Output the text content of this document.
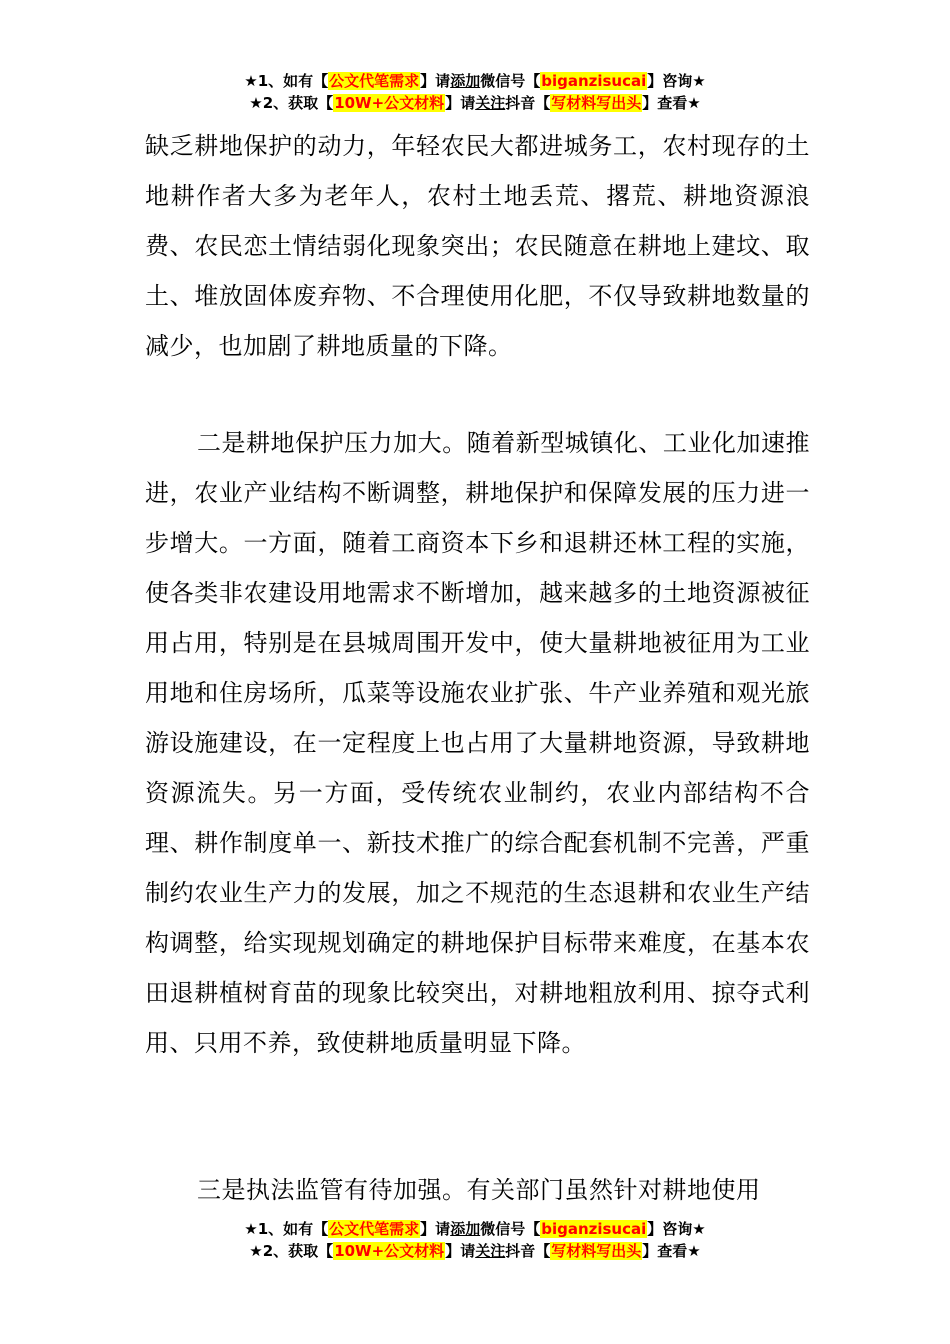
★1、如有【公文代笔需求】请添加微信号【biganzisucai】咨询★
★2、获取【10W+公文材料】请关注抖音【写材料写出头】查看★

缺乏耕地保护的动力，年轻农民大都进城务工，农村现存的土地耕作者大多为老年人，农村土地丢荒、撂荒、耕地资源浪费、农民恋土情结弱化现象突出；农民随意在耕地上建坟、取土、堆放固体废弃物、不合理使用化肥，不仅导致耕地数量的减少，也加剧了耕地质量的下降。

二是耕地保护压力加大。随着新型城镇化、工业化加速推进，农业产业结构不断调整，耕地保护和保障发展的压力进一步增大。一方面，随着工商资本下乡和退耕还林工程的实施，使各类非农建设用地需求不断增加，越来越多的土地资源被征用占用，特别是在县城周围开发中，使大量耕地被征用为工业用地和住房场所，瓜菜等设施农业扩张、牛产业养殖和观光旅游设施建设，在一定程度上也占用了大量耕地资源，导致耕地资源流失。另一方面，受传统农业制约，农业内部结构不合理、耕作制度单一、新技术推广的综合配套机制不完善，严重制约农业生产力的发展，加之不规范的生态退耕和农业生产结构调整，给实现规划确定的耕地保护目标带来难度，在基本农田退耕植树育苗的现象比较突出，对耕地粗放利用、掠夺式利用、只用不养，致使耕地质量明显下降。

三是执法监管有待加强。有关部门虽然针对耕地使用

★1、如有【公文代笔需求】请添加微信号【biganzisucai】咨询★
★2、获取【10W+公文材料】请关注抖音【写材料写出头】查看★
